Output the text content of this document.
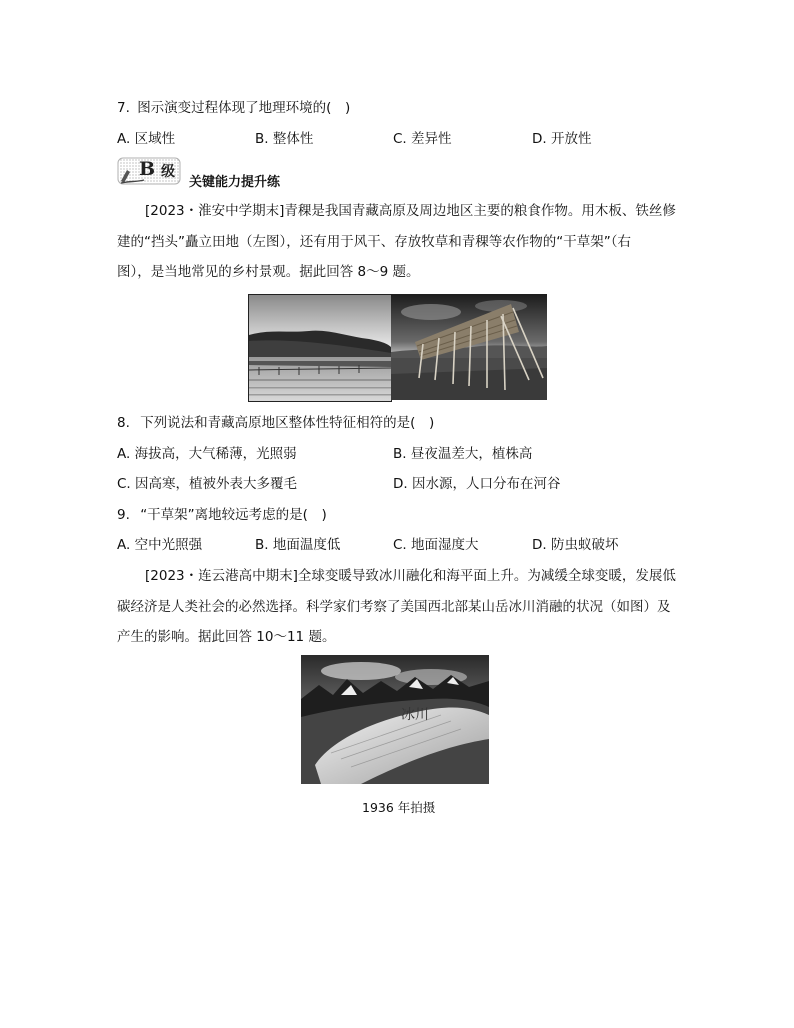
7. 图示演变过程体现了地理环境的(　)
A. 区域性	B. 整体性	C. 差异性	D. 开放性
B 级
关键能力提升练
[2023・淮安中学期末]青稞是我国青藏高原及周边地区主要的粮食作物。用木板、铁丝修
建的“挡头”矗立田地（左图），还有用于风干、存放牧草和青稞等农作物的“干草架”（右
图），是当地常见的乡村景观。据此回答 8～9 题。
8. 下列说法和青藏高原地区整体性特征相符的是(　)
A. 海拔高，大气稀薄，光照弱	B. 昼夜温差大，植株高
C. 因高寒，植被外表大多覆毛	D. 因水源，人口分布在河谷
9. “干草架”离地较远考虑的是(　)
A. 空中光照强	B. 地面温度低	C. 地面湿度大	D. 防虫蚁破坏
[2023・连云港高中期末]全球变暖导致冰川融化和海平面上升。为减缓全球变暖，发展低
碳经济是人类社会的必然选择。科学家们考察了美国西北部某山岳冰川消融的状况（如图）及
产生的影响。据此回答 10～11 题。
冰川
1936 年拍摄
